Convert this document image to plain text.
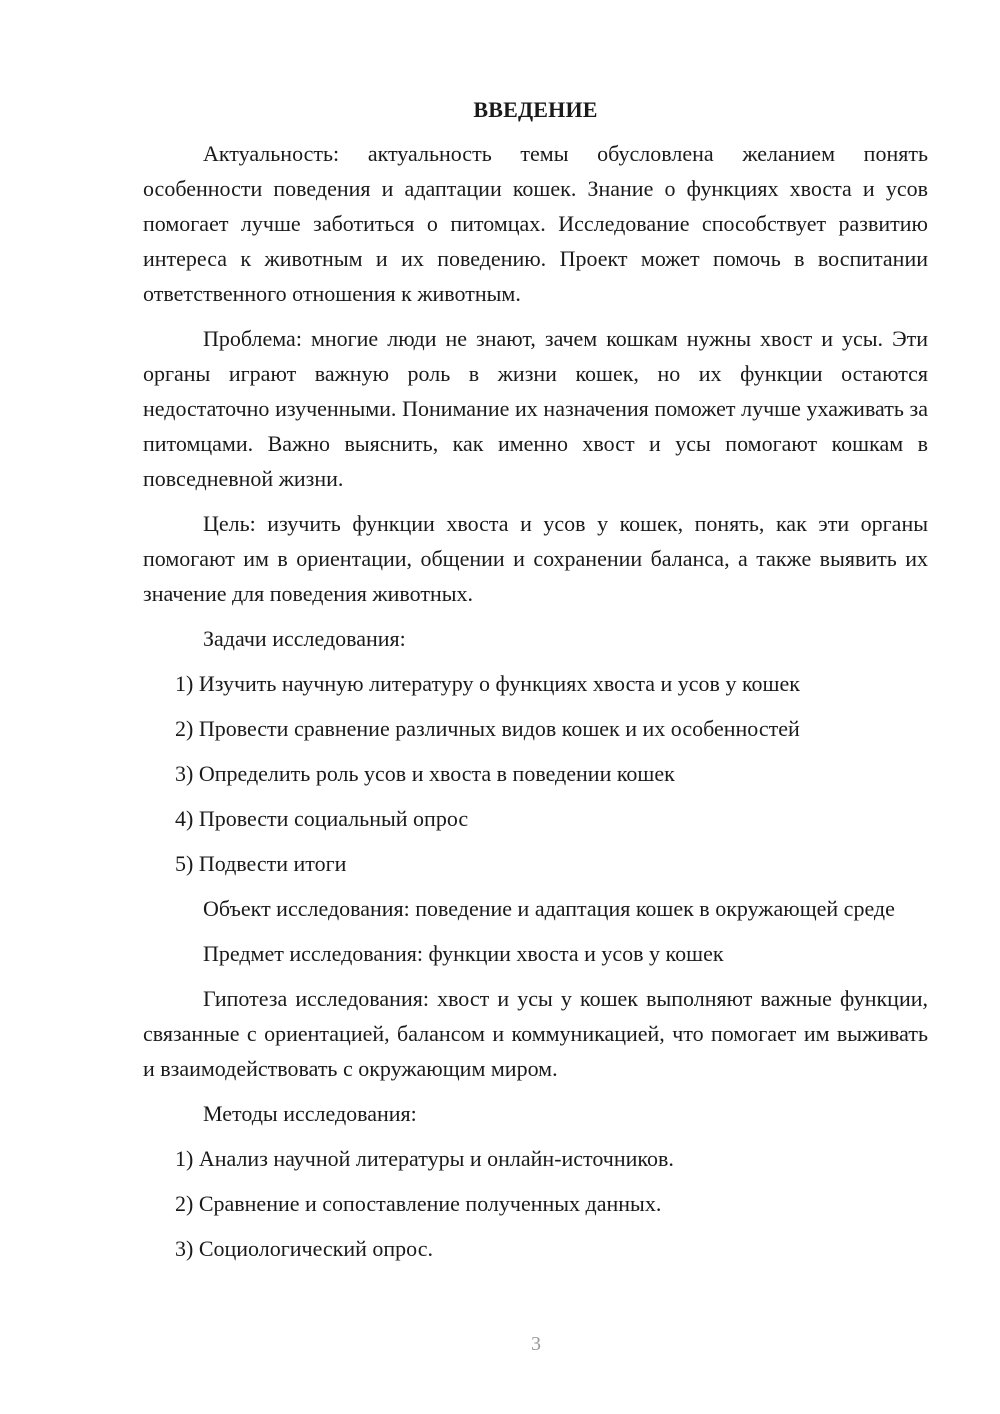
ВВЕДЕНИЕ

Актуальность: актуальность темы обусловлена желанием понять особенности поведения и адаптации кошек. Знание о функциях хвоста и усов помогает лучше заботиться о питомцах. Исследование способствует развитию интереса к животным и их поведению. Проект может помочь в воспитании ответственного отношения к животным.

Проблема: многие люди не знают, зачем кошкам нужны хвост и усы. Эти органы играют важную роль в жизни кошек, но их функции остаются недостаточно изученными. Понимание их назначения поможет лучше ухаживать за питомцами. Важно выяснить, как именно хвост и усы помогают кошкам в повседневной жизни.

Цель: изучить функции хвоста и усов у кошек, понять, как эти органы помогают им в ориентации, общении и сохранении баланса, а также выявить их значение для поведения животных.

Задачи исследования:

1) Изучить научную литературу о функциях хвоста и усов у кошек
2) Провести сравнение различных видов кошек и их особенностей
3) Определить роль усов и хвоста в поведении кошек
4) Провести социальный опрос
5) Подвести итоги

Объект исследования: поведение и адаптация кошек в окружающей среде

Предмет исследования: функции хвоста и усов у кошек

Гипотеза исследования: хвост и усы у кошек выполняют важные функции, связанные с ориентацией, балансом и коммуникацией, что помогает им выживать и взаимодействовать с окружающим миром.

Методы исследования:

1) Анализ научной литературы и онлайн-источников.
2) Сравнение и сопоставление полученных данных.
3) Социологический опрос.
3
